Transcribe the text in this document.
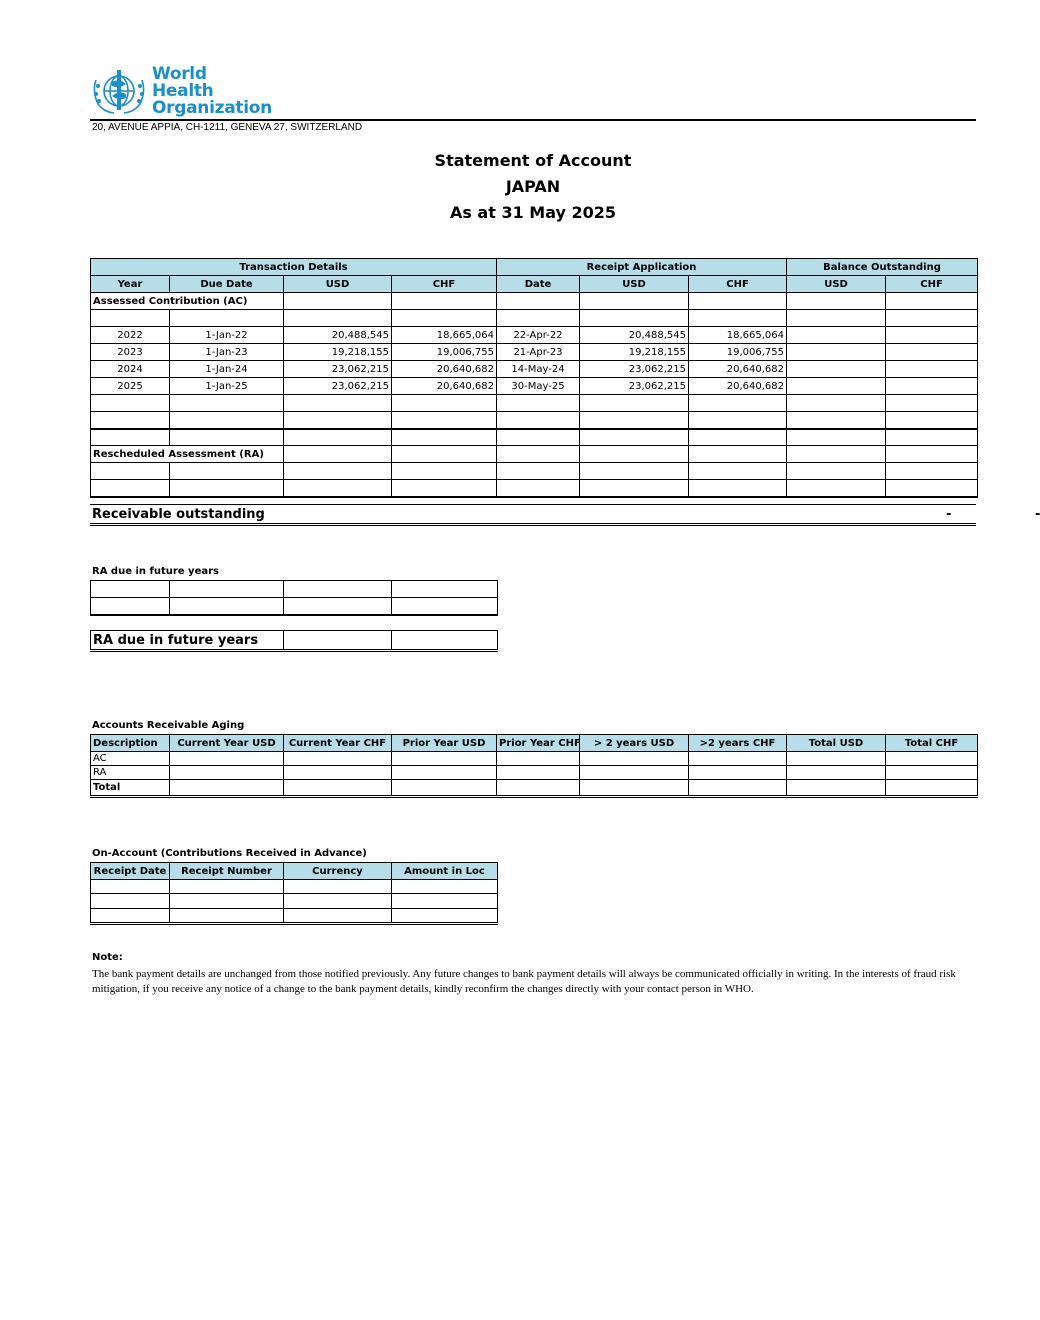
World Health
Organization
20, AVENUE APPIA, CH-1211, GENEVA 27, SWITZERLAND
Statement of Account
JAPAN
As at 31 May 2025
Transaction Details				Receipt Application			Balance Outstanding	
Year	Due Date	USD	CHF	Date	USD	CHF	USD	CHF
Assessed Contribution (AC)								

2022	1-Jan-22	20,488,545	18,665,064	22-Apr-22	20,488,545	18,665,064		
2023	1-Jan-23	19,218,155	19,006,755	21-Apr-23	19,218,155	19,006,755		
2024	1-Jan-24	23,062,215	20,640,682	14-May-24	23,062,215	20,640,682		
2025	1-Jan-25	23,062,215	20,640,682	30-May-25	23,062,215	20,640,682		

Rescheduled Assessment (RA)								

Receivable outstanding	-	-
RA due in future years

RA due in future years		
Accounts Receivable Aging
Description	Current Year USD	Current Year CHF	Prior Year USD	Prior Year CHF	> 2 years USD	>2 years CHF	Total USD	Total CHF
AC								
RA								
Total								
On-Account (Contributions Received in Advance)
Receipt Date	Receipt Number	Currency	Amount in Loc

Note:
The bank payment details are unchanged from those notified previously. Any future changes to bank payment details will always be communicated officially in writing. In the interests of fraud risk mitigation, if you receive any notice of a change to the bank payment details, kindly reconfirm the changes directly with your contact person in WHO.
